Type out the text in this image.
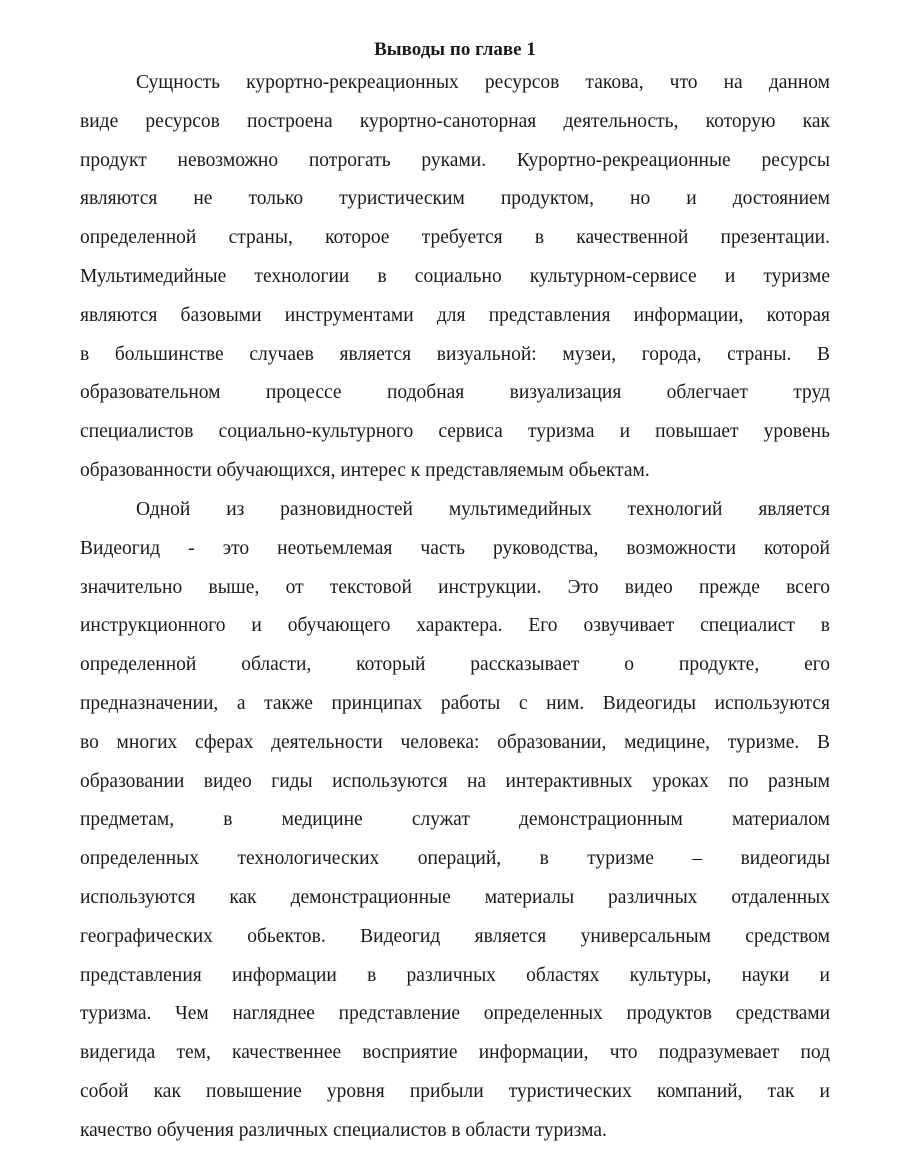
Выводы по главе 1
Сущность курортно-рекреационных ресурсов такова, что на данном
виде ресурсов построена курортно-саноторная деятельность, которую как
продукт невозможно потрогать руками. Курортно-рекреационные ресурсы
являются не только туристическим продуктом, но и достоянием
определенной страны, которое требуется в качественной презентации.
Мультимедийные технологии в социально культурном-сервисе и туризме
являются базовыми инструментами для представления информации, которая
в большинстве случаев является визуальной: музеи, города, страны. В
образовательном процессе подобная визуализация облегчает труд
специалистов социально-культурного сервиса туризма и повышает уровень
образованности обучающихся, интерес к представляемым обьектам.
Одной из разновидностей мультимедийных технологий является
Видеогид - это неотьемлемая часть руководства, возможности которой
значительно выше, от текстовой инструкции. Это видео прежде всего
инструкционного и обучающего характера. Его озвучивает специалист в
определенной области, который рассказывает о продукте, его
предназначении, а также принципах работы с ним. Видеогиды используются
во многих сферах деятельности человека: образовании, медицине, туризме. В
образовании видео гиды используются на интерактивных уроках по разным
предметам, в медицине служат демонстрационным материалом
определенных технологических операций, в туризме – видеогиды
используются как демонстрационные материалы различных отдаленных
географических обьектов. Видеогид является универсальным средством
представления информации в различных областях культуры, науки и
туризма. Чем нагляднее представление определенных продуктов средствами
видегида тем, качественнее восприятие информации, что подразумевает под
собой как повышение уровня прибыли туристических компаний, так и
качество обучения различных специалистов в области туризма.
